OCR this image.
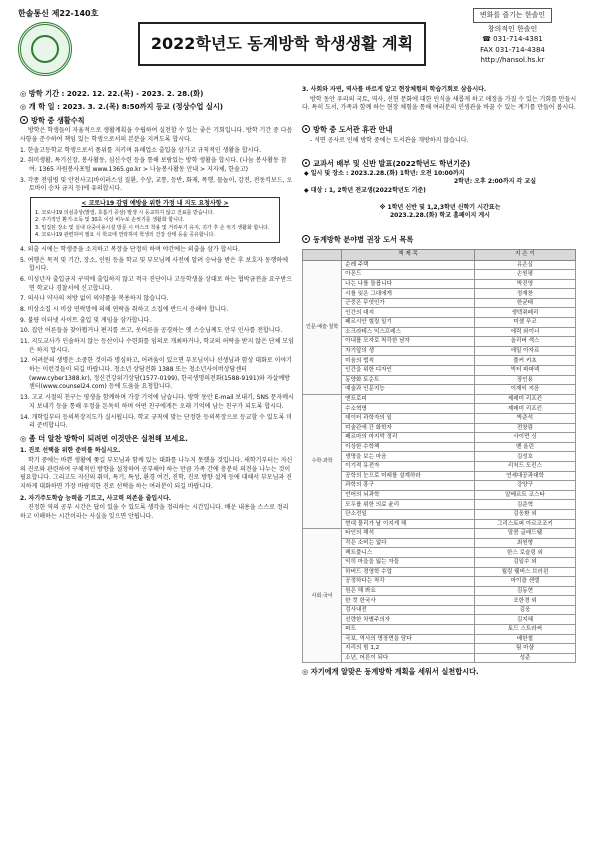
한솔통신 제22-140호
2022학년도 동계방학 학생생활 계획
변화를 즐기는 한솔인
창의적인 한솔인
☎ 031-714-4381
FAX 031-714-4384
http://hansol.hs.kr
◎ 방학 기간 : 2022. 12. 22.(목) - 2023. 2. 28.(화)
◎ 개 학 일 : 2023. 3. 2.(목) 8:50까지 등교 (정상수업 실시)
방학 중 생활수칙
방학은 학생들이 자율적으로 생활계획을 수립하여 실천할 수 있는 좋은 기회입니다. 방학 기간 중 다음 사항을 준수하여 책임 있는 학생으로서의 본분을 지켜도록 합시다.
1. 한솔고등학교 학생으로서 품위를 지키며 유해업소 출입을 삼가고 규칙적인 생활을 합시다.
2. 취미생활, 특기신장, 봉사활동, 심신수련 등을 통해 보람있는 방학 생활을 합시다. (나눔 봉사활동 참여: 1365 자원봉사포털 www.1365.go.kr > 나눔봉사활동 안내 > 지자체, 한솔고)
3. 각종 전염병 및 안전사고(바이러스성 질환, 수상, 교통, 등반, 화재, 폭행, 물놀이, 감전, 전동킥보드, 오토바이 승차 금지 등)에 유의합시다.
< 코로나19 감염 예방을 위한 가정 내 지도 요청사항 >
1. 코로나19 의심증상(발열, 호흡기 증상) 발생 시 등교하지 않고 진료를 받습니다.
2. 주기적인 환기·소독 및 30초 이상 비누로 손씻기를 생활화 합니다.
3. 밀집된 장소 및 실내 다중이용시설 방문 시 마스크 착용 및 거리두기 유지, 귀가 후 손 씻기 생활화 합니다.
4. 코로나19 관련하여 필요 시 학교에 연락하여 학생의 건강 상태 등을 공유합니다.
4. 외출 시에는 학생증을 소지하고 복장을 단정히 하며 야간에는 외출을 삼가 합시다.
5. 여행은 목적 및 기간, 장소, 인원 등을 학교 및 부모님께 사전에 알려 승낙을 받은 후 보호자 동행하에 합시다.
6. 미성년자 출입금지 구역에 출입하지 않고 적극 진단이나 고등학생을 상대로 하는 협박금전을 요구받으면 학교나 경찰서에 신고합니다.
7. 의사나 약사의 처방 없이 의약품을 복용하지 않습니다.
8. 비상소집 시 비상 연락망에 의해 연락을 취하고 소집에 반드시 응해야 합니다.
9. 불량 이터넷 사이트 출입 및 게임을 삼가합니다.
10. 집안 어른들을 찾아뵙거나 편지를 쓰고, 웃어른을 공경하는 옛 스승님께도 안부 인사를 전합니다.
11. 지도교사가 인솔하지 않는 등산이나 수련회를 임의로 개최하거나, 학교의 허락을 받지 않은 단체 모임은 하지 맙시다.
12. 어려분의 생명은 소중한 것이라 명심하고, 어려움이 있으면 부모님이나 선생님과 함상 대화로 이야기하는 이런것들이 되길 바랍니다. 청소년 상담전화 1388 또는 청소년사이버상담센터 (www.cyber1388.kr), 정신건강위기상담(1577-0199), 한국생명의전화(1588-9191)와 자살예방센터(www.counsel24.com) 등에 도움을 요청합니다.
13. 고교 시절의 친구는 평생을 함께하며 가장 기억에 남습니다. 방학 동안 E-mail 보내기, SNS 문자메시지 보내기 등을 통해 우정을 돈독히 하며 어떤 친구에게든 오래 기억에 남는 친구가 되도록 합시다.
14. 개학일부터 등의복장지도가 실시됩니다. 학교 규칙에 맞는 단정한 등의복장으로 등교할 수 있도록 미리 준비합니다.
◎ 좀 더 알찬 방학이 되려면 이것만은 실천해 보세요.
1. 진로 선택을 위한 준비를 하십시오.
학기 중에는 바쁜 생활에 쫓길 부모님과 함께 있는 대화를 나누지 못했을 것입니다. 새학기부터는 자신의 진로와 관련하여 구체적인 방향을 설정하여 공부해야 하는 만큼 가족 간에 충분히 의견을 나누는 것이 필요합니다. 그리고도 자신의 취미, 특기, 특성, 환경 여건, 진학, 진로 방향 설계 등에 대해서 부모님과 진지하게 대화하면 가장 바람직한 진로 선택을 하는 여러분이 되길 바랍니다.
2. 자기주도학습 능력을 기르고, 사고력 의존을 줄입시다.
진정한 역의 공부 시간은 답이 있을 수 있도록 생각을 정리하는 시간입니다. 배운 내용을 스스로 정리하고 이해하는 시간이라는 사실을 잊으면 안됩니다.
3. 사회와 자연, 역사를 바르게 알고 현장체험의 학습기회로 삼읍시다.
방학 동안 우리의 국토, 역사, 선현 문화에 대한 인식을 새롭게 하고 애정을 가질 수 있는 기회를 만들시다. 특히 도서, 가족과 함께 하는 현장 체험을 통해 여러분의 인생관을 바꿀 수 있는 계기를 만들어 봅시다.
방학 중 도서관 휴관 안내
- 석면 공사로 인해 방학 중에는 도서관을 개방하지 않습니다.
교과서 배부 및 신반 발표(2022학년도 학년기준)
◆ 일시 및 장소 : 2023.2.28.(화) 1학년: 오전 10:00까지
2학년: 오후 2:00까지 각 교실
◆ 대상 : 1, 2학년 전교생(2022학년도 기준)
※ 1학년 신반 및 1,2,3학년 신학기 시간표는
2023.2.28.(화) 학교 홈페이지 게시
동계방학 분야별 권장 도서 목록
	책 제 목	지 은 이
인문·예술·철학	순례 주택	유은실
	아몬드	손원평
	나는 나를 돌봅니다	박진영
	시를 잊은 그대에게	정재찬
	군중은 무엇인가	한균태
	인간의 대지	생텍쥐페리
	페르시안 힐링 일기	미셸 푸코
	소크라테스 익스프레스	에릭 와이너
	아내를 모자로 착각한 남자	올리버 색스
	자기앞의 생	에밀 아자르
	미움의 법칙	풀커 키초
	인간을 위한 디자인	빅터 파파넥
	동양화 토순트	장인용
	예술과 인문지능	이재익 지음
수학·과학	엔트로피	제레미 리프킨
	수소혁명	제레미 리프킨
	데이터 과학자의 일	박준석
	미술관에 간 화학자	전창림
	페르마의 마지막 정리	사이먼 싱
	이상한 수학책	벤 올린
	생명을 보는 마음	김성호
	이기적 유전자	리처드 도킨스
	공학의 눈으로 미래를 설계하라	연세대공과대학
	과학의 흥구	강양구
	언어의 뇌과학	알베르트 코스타
	모두를 위한 의료 윤리	김준혁
	단소전일	김웅환 외
	현대 물리가 날 이지게 해	그리스토퍼 아르코조키
사회·국어	타인의 해석	말콤 글래드웰
	작은 소비는 없다	최원형
	팩트풀니스	한스 로슬링 외
	익히 마을을 잃는 자들	김일수 외
	하버드 경영학 수업	월링 웰버스 브러윈
	공정하다는 착각	마이클 샌델
	원은 해 봐요	김동현
	한 컷 한국사	조한경 외
	검사내전	김웅
	선량한 차별주의자	김지혜
	파도	토드 스트라써
	국보, 역사의 명장면을 담다	배한철
	지리의 힘 1,2	팀 마샬
	소년, 어른이 되다	성준
◎ 자기에게 알맞은 동계방학 계획을 세워서 실천합시다.
